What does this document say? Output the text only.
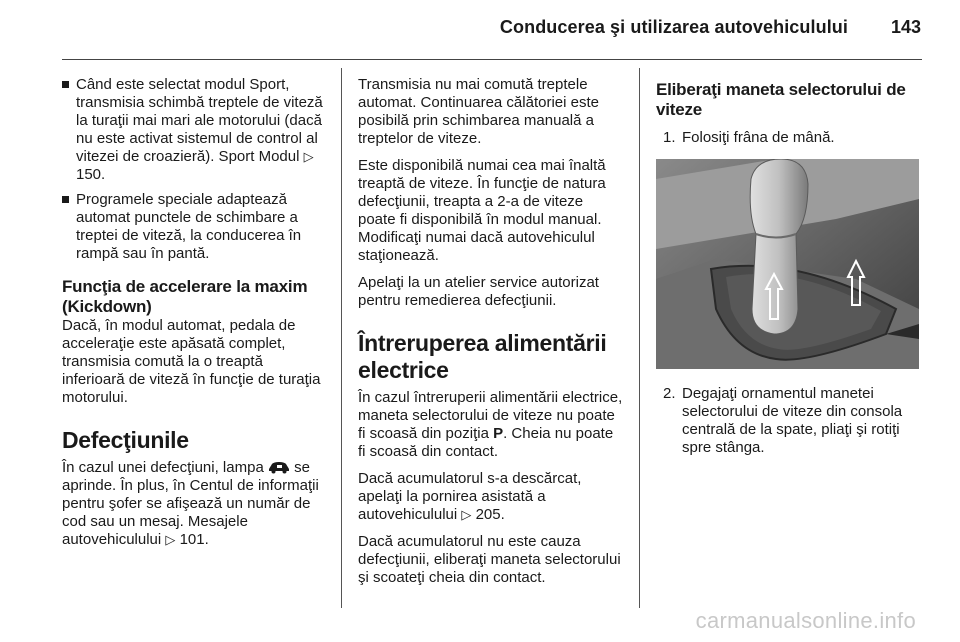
Conducerea şi utilizarea autovehiculului 143
Când este selectat modul Sport, transmisia schimbă treptele de viteză la turaţii mai mari ale motorului (dacă nu este activat sistemul de control al vitezei de croazieră). Sport Modul ▷ 150.
Programele speciale adaptează automat punctele de schimbare a treptei de viteză, la conducerea în rampă sau în pantă.
Funcţia de accelerare la maxim (Kickdown)

Dacă, în modul automat, pedala de acceleraţie este apăsată complet, transmisia comută la o treaptă inferioară de viteză în funcţie de turaţia motorului.

Defecţiunile

În cazul unei defecţiuni, lampa se aprinde. În plus, în Centul de informaţii pentru şofer se afişează un număr de cod sau un mesaj. Mesajele autovehiculului ▷ 101.

Transmisia nu mai comută treptele automat. Continuarea călătoriei este posibilă prin schimbarea manuală a treptelor de viteze.

Este disponibilă numai cea mai înaltă treaptă de viteze. În funcţie de natura defecţiunii, treapta a 2-a de viteze poate fi disponibilă în modul manual. Modificaţi numai dacă autovehiculul staţionează.

Apelaţi la un atelier service autorizat pentru remedierea defecţiunii.

Întreruperea alimentării electrice

În cazul întreruperii alimentării electrice, maneta selectorului de viteze nu poate fi scoasă din poziţia P. Cheia nu poate fi scoasă din contact.

Dacă acumulatorul s-a descărcat, apelaţi la pornirea asistată a autovehiculului ▷ 205.

Dacă acumulatorul nu este cauza defecţiunii, eliberaţi maneta selectorului şi scoateţi cheia din contact.

Eliberaţi maneta selectorului de viteze

1. Folosiţi frâna de mână.

2. Degajaţi ornamentul manetei selectorului de viteze din consola centrală de la spate, pliaţi şi rotiţi spre stânga.

carmanualsonline.info
